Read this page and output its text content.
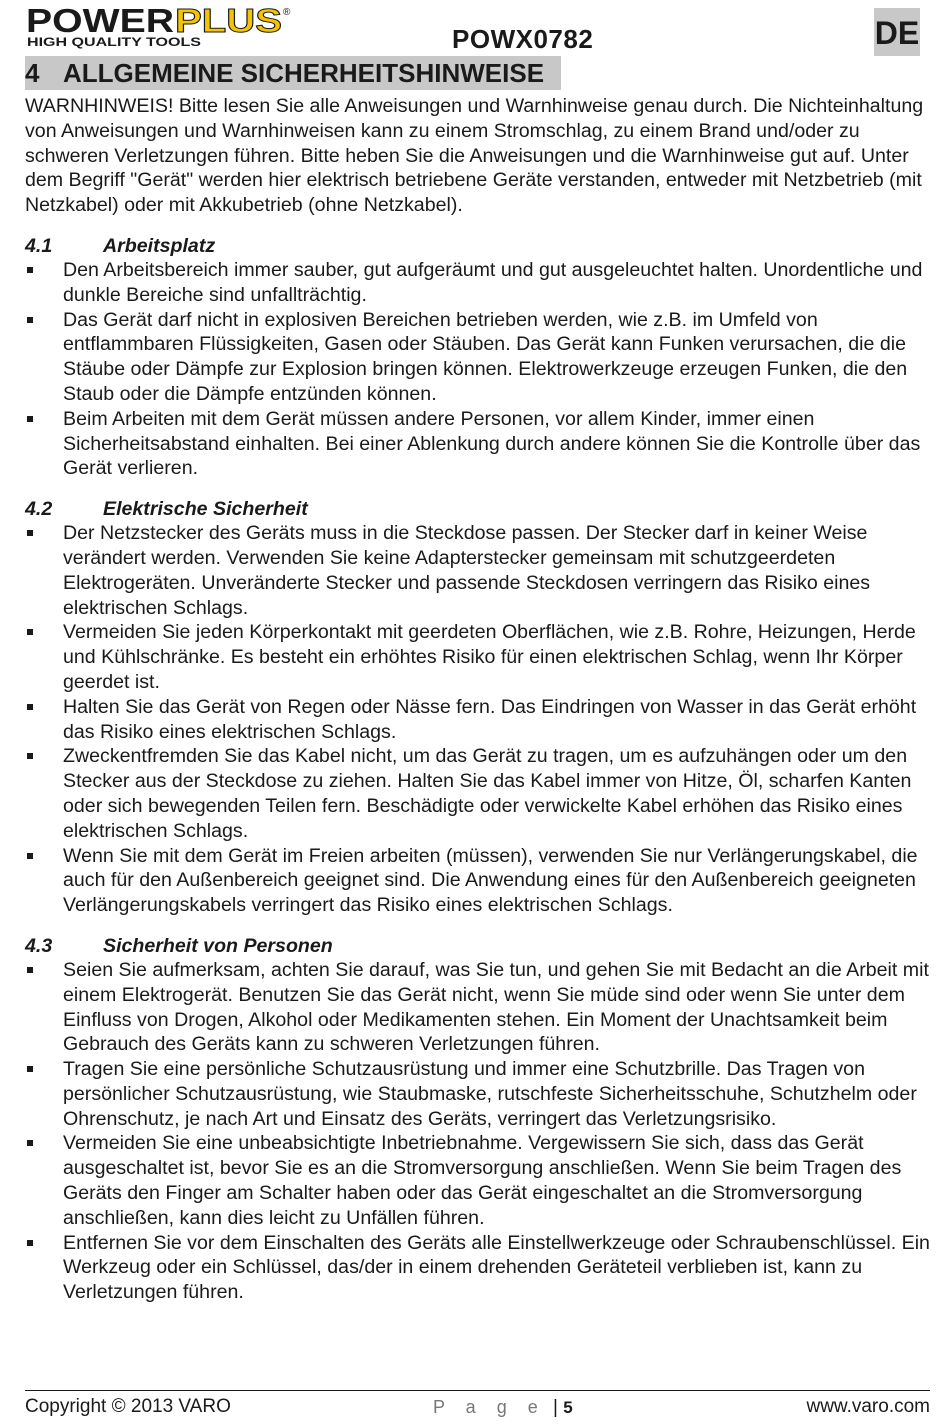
POWER PLUS ®
HIGH QUALITY TOOLS	POWX0782	DE
4 ALLGEMEINE SICHERHEITSHINWEISE

WARNHINWEIS! Bitte lesen Sie alle Anweisungen und Warnhinweise genau durch. Die Nichteinhaltung von Anweisungen und Warnhinweisen kann zu einem Stromschlag, zu einem Brand und/oder zu schweren Verletzungen führen. Bitte heben Sie die Anweisungen und die Warnhinweise gut auf. Unter dem Begriff "Gerät" werden hier elektrisch betriebene Geräte verstanden, entweder mit Netzbetrieb (mit Netzkabel) oder mit Akkubetrieb (ohne Netzkabel).

4.1	Arbeitsplatz
Den Arbeitsbereich immer sauber, gut aufgeräumt und gut ausgeleuchtet halten. Unordentliche und dunkle Bereiche sind unfallträchtig.
Das Gerät darf nicht in explosiven Bereichen betrieben werden, wie z.B. im Umfeld von entflammbaren Flüssigkeiten, Gasen oder Stäuben. Das Gerät kann Funken verursachen, die die Stäube oder Dämpfe zur Explosion bringen können. Elektrowerkzeuge erzeugen Funken, die den Staub oder die Dämpfe entzünden können.
Beim Arbeiten mit dem Gerät müssen andere Personen, vor allem Kinder, immer einen Sicherheitsabstand einhalten. Bei einer Ablenkung durch andere können Sie die Kontrolle über das Gerät verlieren.
4.2	Elektrische Sicherheit
Der Netzstecker des Geräts muss in die Steckdose passen. Der Stecker darf in keiner Weise verändert werden. Verwenden Sie keine Adapterstecker gemeinsam mit schutzgeerdeten Elektrogeräten. Unveränderte Stecker und passende Steckdosen verringern das Risiko eines elektrischen Schlags.
Vermeiden Sie jeden Körperkontakt mit geerdeten Oberflächen, wie z.B. Rohre, Heizungen, Herde und Kühlschränke. Es besteht ein erhöhtes Risiko für einen elektrischen Schlag, wenn Ihr Körper geerdet ist.
Halten Sie das Gerät von Regen oder Nässe fern. Das Eindringen von Wasser in das Gerät erhöht das Risiko eines elektrischen Schlags.
Zweckentfremden Sie das Kabel nicht, um das Gerät zu tragen, um es aufzuhängen oder um den Stecker aus der Steckdose zu ziehen. Halten Sie das Kabel immer von Hitze, Öl, scharfen Kanten oder sich bewegenden Teilen fern. Beschädigte oder verwickelte Kabel erhöhen das Risiko eines elektrischen Schlags.
Wenn Sie mit dem Gerät im Freien arbeiten (müssen), verwenden Sie nur Verlängerungskabel, die auch für den Außenbereich geeignet sind. Die Anwendung eines für den Außenbereich geeigneten Verlängerungskabels verringert das Risiko eines elektrischen Schlags.
4.3	Sicherheit von Personen
Seien Sie aufmerksam, achten Sie darauf, was Sie tun, und gehen Sie mit Bedacht an die Arbeit mit einem Elektrogerät. Benutzen Sie das Gerät nicht, wenn Sie müde sind oder wenn Sie unter dem Einfluss von Drogen, Alkohol oder Medikamenten stehen. Ein Moment der Unachtsamkeit beim Gebrauch des Geräts kann zu schweren Verletzungen führen.
Tragen Sie eine persönliche Schutzausrüstung und immer eine Schutzbrille. Das Tragen von persönlicher Schutzausrüstung, wie Staubmaske, rutschfeste Sicherheitsschuhe, Schutzhelm oder Ohrenschutz, je nach Art und Einsatz des Geräts, verringert das Verletzungsrisiko.
Vermeiden Sie eine unbeabsichtigte Inbetriebnahme. Vergewissern Sie sich, dass das Gerät ausgeschaltet ist, bevor Sie es an die Stromversorgung anschließen. Wenn Sie beim Tragen des Geräts den Finger am Schalter haben oder das Gerät eingeschaltet an die Stromversorgung anschließen, kann dies leicht zu Unfällen führen.
Entfernen Sie vor dem Einschalten des Geräts alle Einstellwerkzeuge oder Schraubenschlüssel. Ein Werkzeug oder ein Schlüssel, das/der in einem drehenden Geräteteil verblieben ist, kann zu Verletzungen führen.
Copyright © 2013 VARO	P a g e | 5	www.varo.com
